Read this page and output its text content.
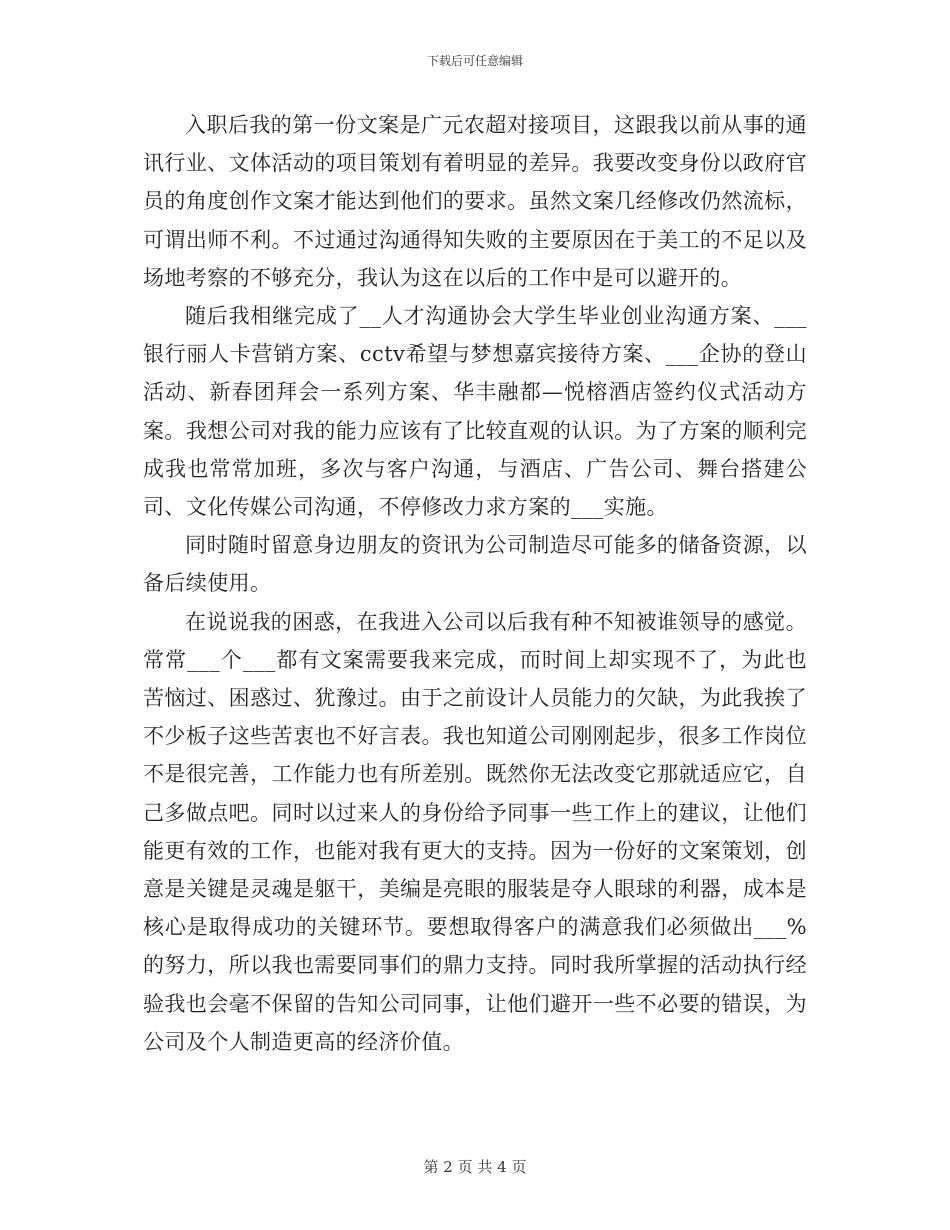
下载后可任意编辑

入职后我的第一份文案是广元农超对接项目，这跟我以前从事的通讯行业、文体活动的项目策划有着明显的差异。我要改变身份以政府官员的角度创作文案才能达到他们的要求。虽然文案几经修改仍然流标，可谓出师不利。不过通过沟通得知失败的主要原因在于美工的不足以及场地考察的不够充分，我认为这在以后的工作中是可以避开的。

随后我相继完成了__人才沟通协会大学生毕业创业沟通方案、___银行丽人卡营销方案、cctv希望与梦想嘉宾接待方案、___企协的登山活动、新春团拜会一系列方案、华丰融都—悦榕酒店签约仪式活动方案。我想公司对我的能力应该有了比较直观的认识。为了方案的顺利完成我也常常加班，多次与客户沟通，与酒店、广告公司、舞台搭建公司、文化传媒公司沟通，不停修改力求方案的___实施。

同时随时留意身边朋友的资讯为公司制造尽可能多的储备资源，以备后续使用。

在说说我的困惑，在我进入公司以后我有种不知被谁领导的感觉。常常___个___都有文案需要我来完成，而时间上却实现不了，为此也苦恼过、困惑过、犹豫过。由于之前设计人员能力的欠缺，为此我挨了不少板子这些苦衷也不好言表。我也知道公司刚刚起步，很多工作岗位不是很完善，工作能力也有所差别。既然你无法改变它那就适应它，自己多做点吧。同时以过来人的身份给予同事一些工作上的建议，让他们能更有效的工作，也能对我有更大的支持。因为一份好的文案策划，创意是关键是灵魂是躯干，美编是亮眼的服装是夺人眼球的利器，成本是核心是取得成功的关键环节。要想取得客户的满意我们必须做出___%的努力，所以我也需要同事们的鼎力支持。同时我所掌握的活动执行经验我也会毫不保留的告知公司同事，让他们避开一些不必要的错误，为公司及个人制造更高的经济价值。

第 2 页 共 4 页
